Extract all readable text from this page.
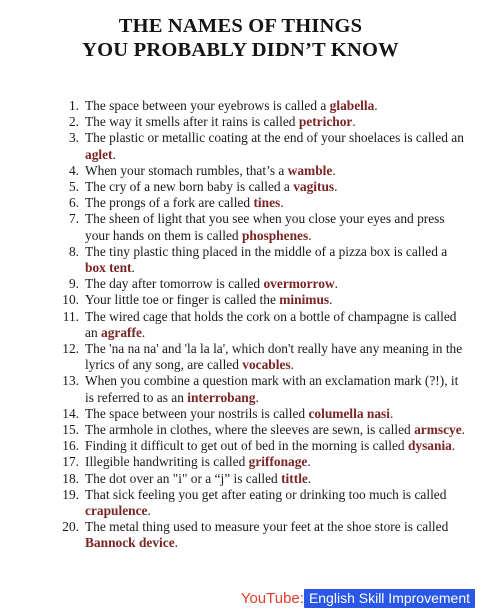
THE NAMES OF THINGS
YOU PROBABLY DIDN’T KNOW
1. The space between your eyebrows is called a glabella.
2. The way it smells after it rains is called petrichor.
3. The plastic or metallic coating at the end of your shoelaces is called an aglet.
4. When your stomach rumbles, that’s a wamble.
5. The cry of a new born baby is called a vagitus.
6. The prongs of a fork are called tines.
7. The sheen of light that you see when you close your eyes and press your hands on them is called phosphenes.
8. The tiny plastic thing placed in the middle of a pizza box is called a box tent.
9. The day after tomorrow is called overmorrow.
10. Your little toe or finger is called the minimus.
11. The wired cage that holds the cork on a bottle of champagne is called an agraffe.
12. The 'na na na' and 'la la la', which don't really have any meaning in the lyrics of any song, are called vocables.
13. When you combine a question mark with an exclamation mark (?!), it is referred to as an interrobang.
14. The space between your nostrils is called columella nasi.
15. The armhole in clothes, where the sleeves are sewn, is called armscye.
16. Finding it difficult to get out of bed in the morning is called dysania.
17. Illegible handwriting is called griffonage.
18. The dot over an "i" or a “j” is called tittle.
19. That sick feeling you get after eating or drinking too much is called crapulence.
20. The metal thing used to measure your feet at the shoe store is called Bannock device.
YouTube: English Skill Improvement
